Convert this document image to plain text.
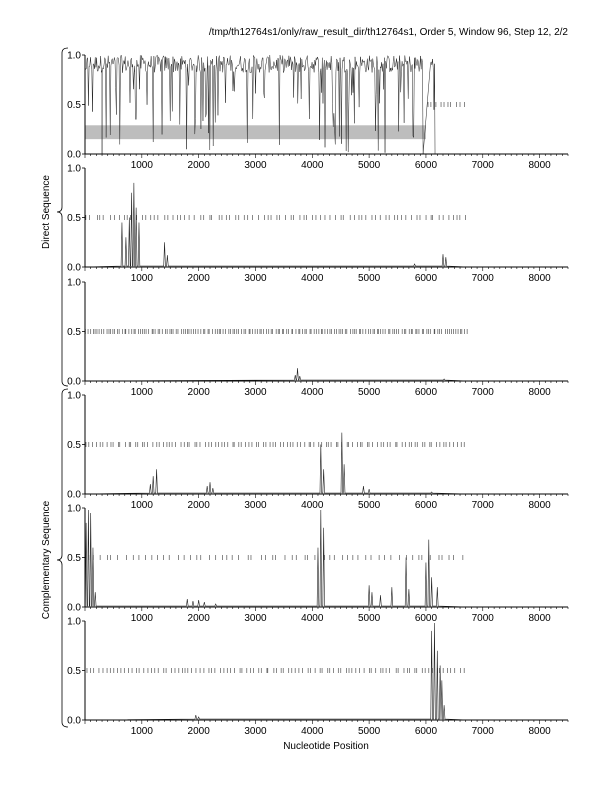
/tmp/th12764s1/only/raw_result_dir/th12764s1, Order 5, Window 96, Step 12, 2/2
0.0
0.5
1.0
1000	2000	3000	4000	5000	6000	7000	8000
0.0
0.5
1.0
1000	2000	3000	4000	5000	6000	7000	8000
0.0
0.5
1.0
1000	2000	3000	4000	5000	6000	7000	8000
0.0
0.5
1.0
1000	2000	3000	4000	5000	6000	7000	8000
0.0
0.5
1.0
1000	2000	3000	4000	5000	6000	7000	8000
0.0
0.5
1.0
1000	2000	3000	4000	5000	6000	7000	8000
Nucleotide Position
Direct Sequence
Complementary Sequence
